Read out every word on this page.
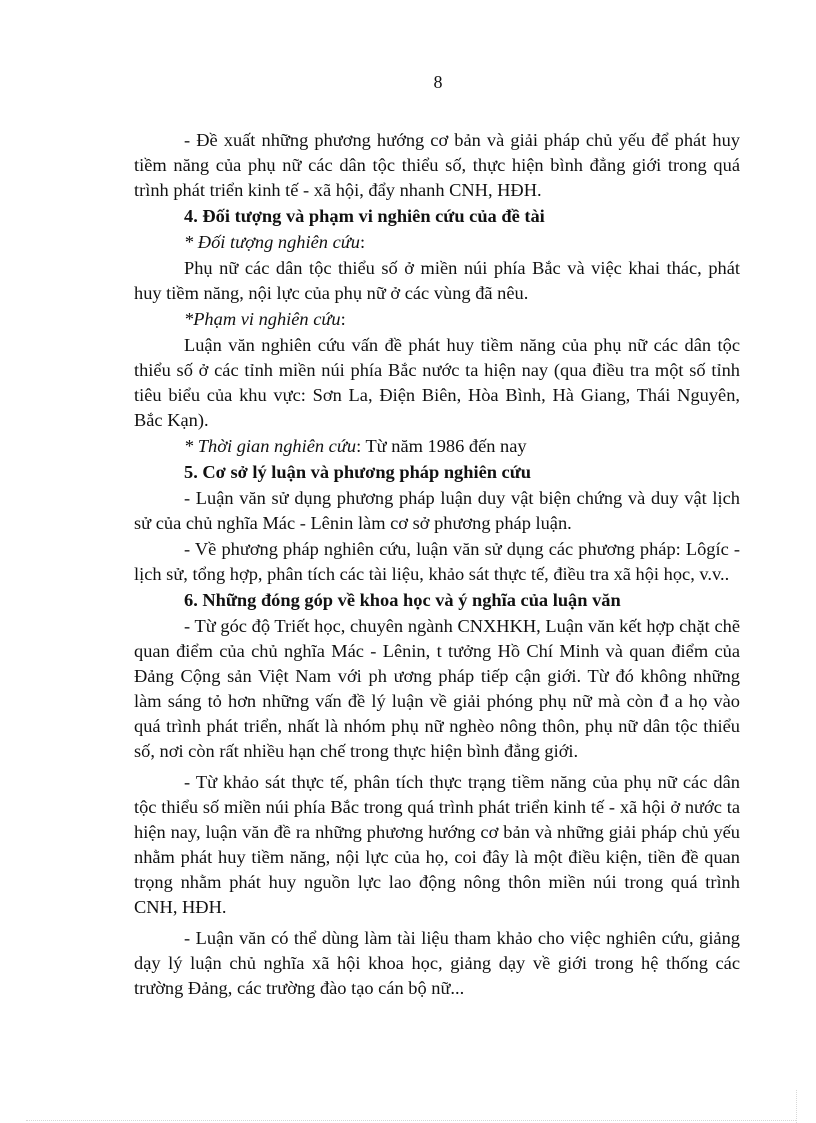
8

- Đề xuất những phương hướng cơ bản và giải pháp chủ yếu để phát huy tiềm năng của phụ nữ các dân tộc thiểu số, thực hiện bình đẳng giới trong quá trình phát triển kinh tế - xã hội, đẩy nhanh CNH, HĐH.

4. Đối tượng và phạm vi nghiên cứu của đề tài

* Đối tượng nghiên cứu:

Phụ nữ các dân tộc thiểu số ở miền núi phía Bắc và việc khai thác, phát huy tiềm năng, nội lực của phụ nữ ở các vùng đã nêu.

*Phạm vi nghiên cứu:

Luận văn nghiên cứu vấn đề phát huy tiềm năng của phụ nữ các dân tộc thiểu số ở các tỉnh miền núi phía Bắc nước ta hiện nay (qua điều tra một số tỉnh tiêu biểu của khu vực: Sơn La, Điện Biên, Hòa Bình, Hà Giang, Thái Nguyên, Bắc Kạn).

* Thời gian nghiên cứu: Từ năm 1986 đến nay

5. Cơ sở lý luận và phương pháp nghiên cứu

- Luận văn sử dụng phương pháp luận duy vật biện chứng và duy vật lịch sử của chủ nghĩa Mác - Lênin làm cơ sở phương pháp luận.

- Về phương pháp nghiên cứu, luận văn sử dụng các phương pháp: Lôgíc - lịch sử, tổng hợp, phân tích các tài liệu, khảo sát thực tế, điều tra xã hội học, v.v..

6. Những đóng góp về khoa học và ý nghĩa của luận văn

- Từ góc độ Triết học, chuyên ngành CNXHKH, Luận văn kết hợp chặt chẽ quan điểm của chủ nghĩa Mác - Lênin, t tưởng Hồ Chí Minh và quan điểm của Đảng Cộng sản Việt Nam với ph ương pháp tiếp cận giới. Từ đó không những làm sáng tỏ hơn những vấn đề lý luận về giải phóng phụ nữ mà còn đ a họ vào quá trình phát triển, nhất là nhóm phụ nữ nghèo nông thôn, phụ nữ dân tộc thiểu số, nơi còn rất nhiều hạn chế trong thực hiện bình đẳng giới.

- Từ khảo sát thực tế, phân tích thực trạng tiềm năng của phụ nữ các dân tộc thiểu số miền núi phía Bắc trong quá trình phát triển kinh tế - xã hội ở nước ta hiện nay, luận văn đề ra những phương hướng cơ bản và những giải pháp chủ yếu nhằm phát huy tiềm năng, nội lực của họ, coi đây là một điều kiện, tiền đề quan trọng nhằm phát huy nguồn lực lao động nông thôn miền núi trong quá trình CNH, HĐH.

- Luận văn có thể dùng làm tài liệu tham khảo cho việc nghiên cứu, giảng dạy lý luận chủ nghĩa xã hội khoa học, giảng dạy về giới trong hệ thống các trường Đảng, các trường đào tạo cán bộ nữ...
